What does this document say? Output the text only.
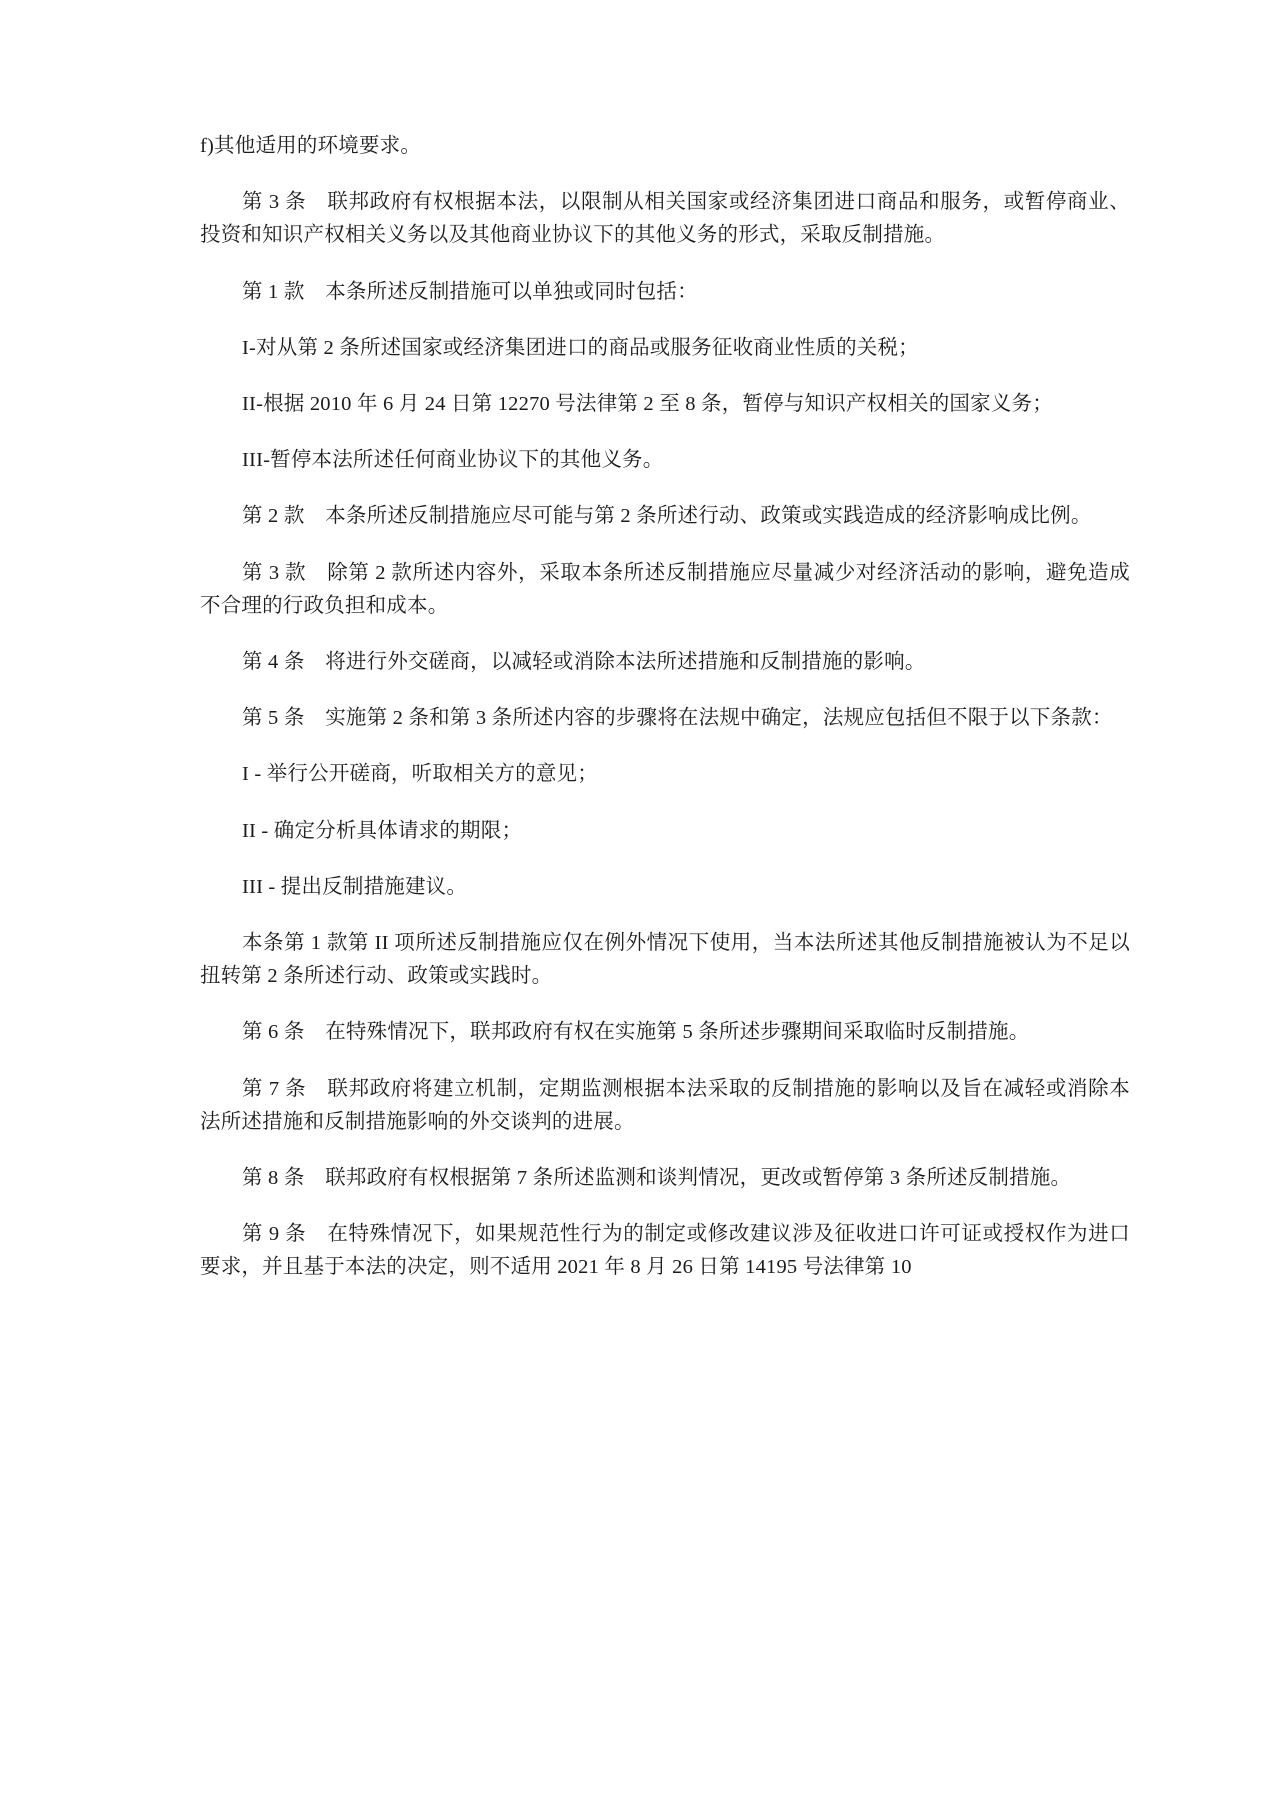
f)其他适用的环境要求。

第 3 条　联邦政府有权根据本法，以限制从相关国家或经济集团进口商品和服务，或暂停商业、投资和知识产权相关义务以及其他商业协议下的其他义务的形式，采取反制措施。

第 1 款　本条所述反制措施可以单独或同时包括：

I-对从第 2 条所述国家或经济集团进口的商品或服务征收商业性质的关税；

II-根据 2010 年 6 月 24 日第 12270 号法律第 2 至 8 条，暂停与知识产权相关的国家义务；

III-暂停本法所述任何商业协议下的其他义务。

第 2 款　本条所述反制措施应尽可能与第 2 条所述行动、政策或实践造成的经济影响成比例。

第 3 款　除第 2 款所述内容外，采取本条所述反制措施应尽量减少对经济活动的影响，避免造成不合理的行政负担和成本。

第 4 条　将进行外交磋商，以减轻或消除本法所述措施和反制措施的影响。

第 5 条　实施第 2 条和第 3 条所述内容的步骤将在法规中确定，法规应包括但不限于以下条款：

I - 举行公开磋商，听取相关方的意见；

II - 确定分析具体请求的期限；

III - 提出反制措施建议。

本条第 1 款第 II 项所述反制措施应仅在例外情况下使用，当本法所述其他反制措施被认为不足以扭转第 2 条所述行动、政策或实践时。

第 6 条　在特殊情况下，联邦政府有权在实施第 5 条所述步骤期间采取临时反制措施。

第 7 条　联邦政府将建立机制，定期监测根据本法采取的反制措施的影响以及旨在减轻或消除本法所述措施和反制措施影响的外交谈判的进展。

第 8 条　联邦政府有权根据第 7 条所述监测和谈判情况，更改或暂停第 3 条所述反制措施。

第 9 条　在特殊情况下，如果规范性行为的制定或修改建议涉及征收进口许可证或授权作为进口要求，并且基于本法的决定，则不适用 2021 年 8 月 26 日第 14195 号法律第 10
